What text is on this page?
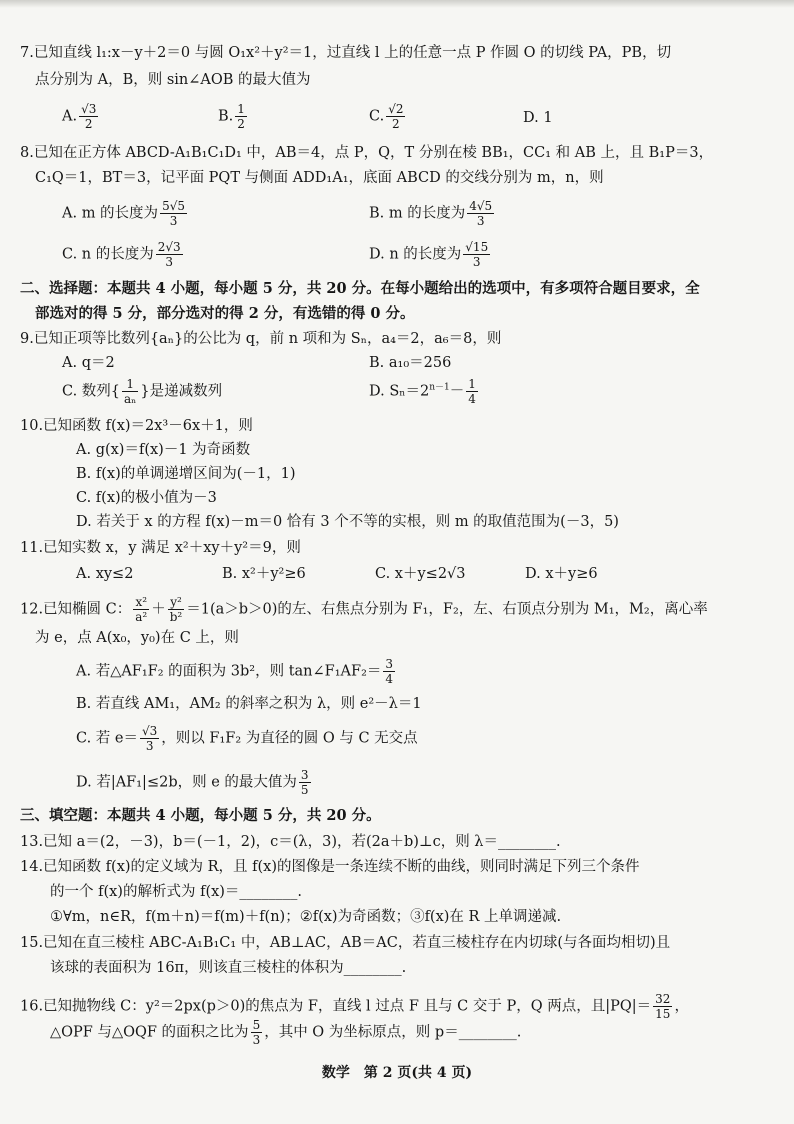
7.已知直线 l₁:x－y＋2＝0 与圆 O₁x²＋y²＝1，过直线 l 上的任意一点 P 作圆 O 的切线 PA，PB，切
点分别为 A，B，则 sin∠AOB 的最大值为
A. $\frac{√3}{2}$	B. $\frac{1}{2}$	C. $\frac{√2}{2}$	D. 1
8.已知在正方体 ABCD-A₁B₁C₁D₁ 中，AB＝4，点 P，Q，T 分别在棱 BB₁，CC₁ 和 AB 上，且 B₁P＝3，
C₁Q＝1，BT＝3，记平面 PQT 与侧面 ADD₁A₁，底面 ABCD 的交线分别为 m，n，则
A. m 的长度为 $\frac{5√5}{3}$	B. m 的长度为 $\frac{4√5}{3}$
C. n 的长度为 $\frac{2√3}{3}$	D. n 的长度为 $\frac{√15}{3}$
二、选择题：本题共 4 小题，每小题 5 分，共 20 分。在每小题给出的选项中，有多项符合题目要求，全
部选对的得 5 分，部分选对的得 2 分，有选错的得 0 分。
9.已知正项等比数列{aₙ}的公比为 q，前 n 项和为 Sₙ，a₄＝2，a₆＝8，则
A. q＝2	B. a₁₀＝256
C. 数列{ $\frac{1}{\text{aₙ}}$ }是递减数列	D. $S_n=2^{n-1}- \frac{1}{4}$
10.已知函数 f(x)＝2x³－6x＋1，则
A. g(x)＝f(x)－1 为奇函数
B. f(x)的单调递增区间为(－1，1)
C. f(x)的极小值为－3
D. 若关于 x 的方程 f(x)－m＝0 恰有 3 个不等的实根，则 m 的取值范围为(－3，5)
11.已知实数 x，y 满足 x²＋xy＋y²＝9，则
A. xy≤2	B. x²＋y²≥6	C. x＋y≤2√3	D. x＋y≥6
12.已知椭圆 C： $\frac{\text{x²}}{\text{a²}} + \frac{\text{y²}}{\text{b²}} =1(a>b>0)$的左、右焦点分别为 F₁，F₂，左、右顶点分别为 M₁，M₂，离心率
为 e，点 A(x₀，y₀)在 C 上，则
A. 若△AF₁F₂ 的面积为 3b²，则 tan∠F₁AF₂＝ $\frac{3}{4}$
B. 若直线 AM₁，AM₂ 的斜率之积为 λ，则 e²－λ＝1
C. 若 $e= \frac{√3}{3}$ ，则以 F₁F₂ 为直径的圆 O 与 C 无交点
D. 若|AF₁|≤2b，则 e 的最大值为 $\frac{3}{5}$
三、填空题：本题共 4 小题，每小题 5 分，共 20 分。
13.已知 a＝(2，－3)，b＝(－1，2)，c＝(λ，3)，若(2a＋b)⊥c，则 λ＝________.
14.已知函数 f(x)的定义域为 R，且 f(x)的图像是一条连续不断的曲线，则同时满足下列三个条件
的一个 f(x)的解析式为 f(x)＝________.
①∀m，n∈R，f(m＋n)＝f(m)＋f(n)；②f(x)为奇函数；③f(x)在 R 上单调递减.
15.已知在直三棱柱 ABC-A₁B₁C₁ 中，AB⊥AC，AB＝AC，若直三棱柱存在内切球(与各面均相切)且
该球的表面积为 16π，则该直三棱柱的体积为________.
16.已知抛物线 C：y²＝2px(p＞0)的焦点为 F，直线 l 过点 F 且与 C 交于 P，Q 两点，且$|PQ|= \frac{32}{15}$ ，
△OPF 与△OQF 的面积之比为 $\frac{5}{3}$ ，其中 O 为坐标原点，则 p＝________.
数学　第 2 页(共 4 页)
